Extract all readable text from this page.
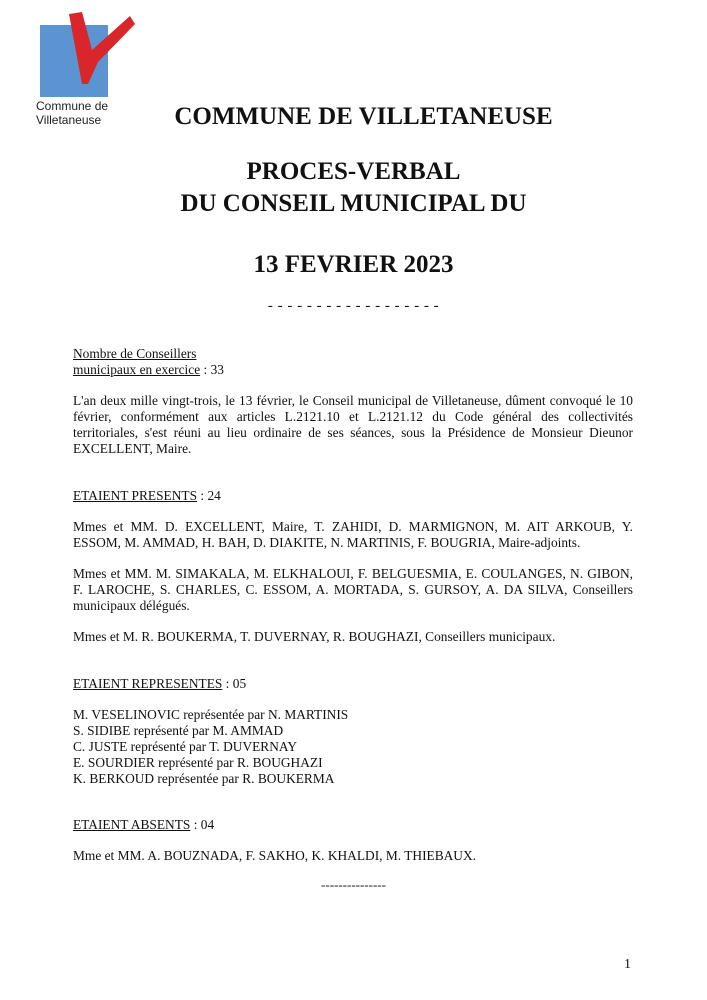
Commune de
Villetaneuse	COMMUNE DE VILLETANEUSE
PROCES-VERBAL
DU CONSEIL MUNICIPAL DU
13 FEVRIER 2023
- - - - - - - - - - - - - - - - - -
Nombre de Conseillers
municipaux en exercice : 33

L'an deux mille vingt-trois, le 13 février, le Conseil municipal de Villetaneuse, dûment convoqué le 10 février, conformément aux articles L.2121.10 et L.2121.12 du Code général des collectivités territoriales, s'est réuni au lieu ordinaire de ses séances, sous la Présidence de Monsieur Dieunor EXCELLENT, Maire.

ETAIENT PRESENTS : 24

Mmes et MM. D. EXCELLENT, Maire, T. ZAHIDI, D. MARMIGNON, M. AIT ARKOUB, Y. ESSOM, M. AMMAD, H. BAH, D. DIAKITE, N. MARTINIS, F. BOUGRIA, Maire-adjoints.

Mmes et MM. M. SIMAKALA, M. ELKHALOUI, F. BELGUESMIA, E. COULANGES, N. GIBON, F. LAROCHE, S. CHARLES, C. ESSOM, A. MORTADA, S. GURSOY, A. DA SILVA, Conseillers municipaux délégués.

Mmes et M. R. BOUKERMA, T. DUVERNAY, R. BOUGHAZI, Conseillers municipaux.

ETAIENT REPRESENTES : 05
M. VESELINOVIC représentée par N. MARTINIS
S. SIDIBE représenté par M. AMMAD
C. JUSTE représenté par T. DUVERNAY
E. SOURDIER représenté par R. BOUGHAZI
K. BERKOUD représentée par R. BOUKERMA
ETAIENT ABSENTS : 04

Mme et MM. A. BOUZNADA, F. SAKHO, K. KHALDI, M. THIEBAUX.

---------------
1
